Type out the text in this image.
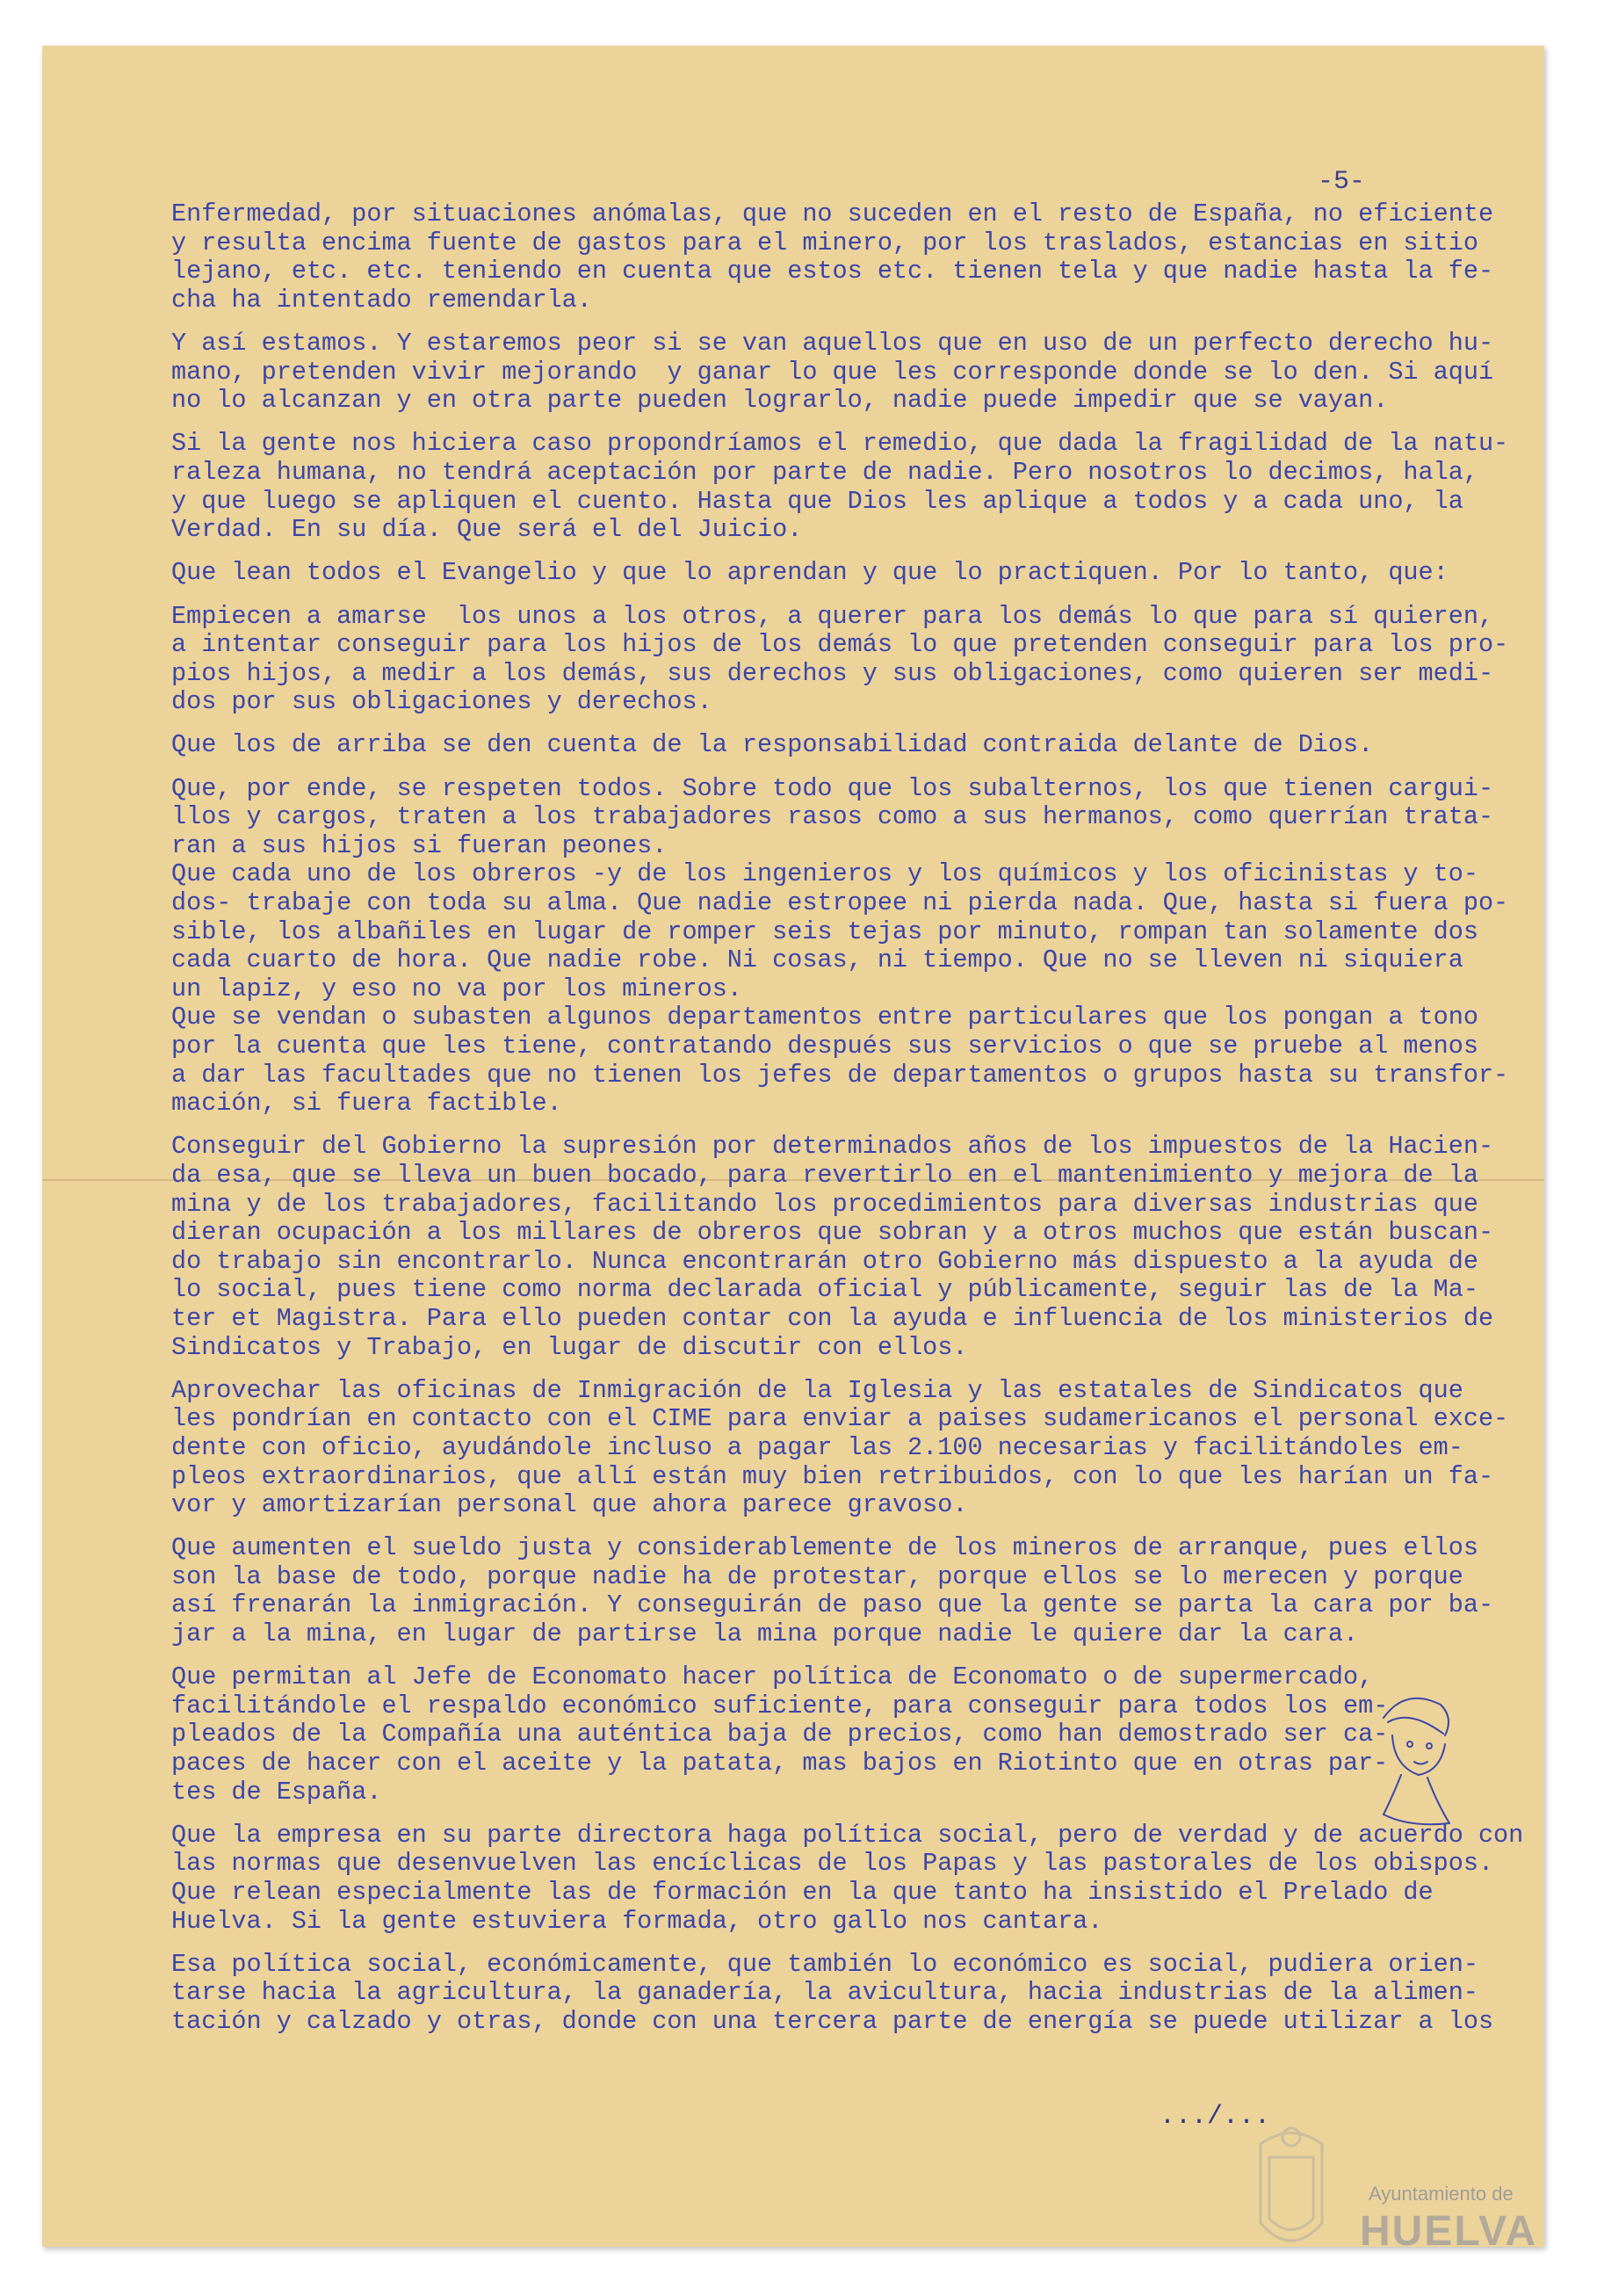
-5-
Enfermedad, por situaciones anómalas, que no suceden en el resto de España, no eficiente
y resulta encima fuente de gastos para el minero, por los traslados, estancias en sitio
lejano, etc. etc. teniendo en cuenta que estos etc. tienen tela y que nadie hasta la fe-
cha ha intentado remendarla.
Y así estamos. Y estaremos peor si se van aquellos que en uso de un perfecto derecho hu-
mano, pretenden vivir mejorando  y ganar lo que les corresponde donde se lo den. Si aquí
no lo alcanzan y en otra parte pueden lograrlo, nadie puede impedir que se vayan.
Si la gente nos hiciera caso propondríamos el remedio, que dada la fragilidad de la natu-
raleza humana, no tendrá aceptación por parte de nadie. Pero nosotros lo decimos, hala,
y que luego se apliquen el cuento. Hasta que Dios les aplique a todos y a cada uno, la
Verdad. En su día. Que será el del Juicio.
Que lean todos el Evangelio y que lo aprendan y que lo practiquen. Por lo tanto, que:
Empiecen a amarse  los unos a los otros, a querer para los demás lo que para sí quieren,
a intentar conseguir para los hijos de los demás lo que pretenden conseguir para los pro-
pios hijos, a medir a los demás, sus derechos y sus obligaciones, como quieren ser medi-
dos por sus obligaciones y derechos.
Que los de arriba se den cuenta de la responsabilidad contraida delante de Dios.
Que, por ende, se respeten todos. Sobre todo que los subalternos, los que tienen cargui-
llos y cargos, traten a los trabajadores rasos como a sus hermanos, como querrían trata-
ran a sus hijos si fueran peones.
Que cada uno de los obreros -y de los ingenieros y los químicos y los oficinistas y to-
dos- trabaje con toda su alma. Que nadie estropee ni pierda nada. Que, hasta si fuera po-
sible, los albañiles en lugar de romper seis tejas por minuto, rompan tan solamente dos
cada cuarto de hora. Que nadie robe. Ni cosas, ni tiempo. Que no se lleven ni siquiera
un lapiz, y eso no va por los mineros.
Que se vendan o subasten algunos departamentos entre particulares que los pongan a tono
por la cuenta que les tiene, contratando después sus servicios o que se pruebe al menos
a dar las facultades que no tienen los jefes de departamentos o grupos hasta su transfor-
mación, si fuera factible.
Conseguir del Gobierno la supresión por determinados años de los impuestos de la Hacien-
da esa, que se lleva un buen bocado, para revertirlo en el mantenimiento y mejora de la
mina y de los trabajadores, facilitando los procedimientos para diversas industrias que
dieran ocupación a los millares de obreros que sobran y a otros muchos que están buscan-
do trabajo sin encontrarlo. Nunca encontrarán otro Gobierno más dispuesto a la ayuda de
lo social, pues tiene como norma declarada oficial y públicamente, seguir las de la Ma-
ter et Magistra. Para ello pueden contar con la ayuda e influencia de los ministerios de
Sindicatos y Trabajo, en lugar de discutir con ellos.
Aprovechar las oficinas de Inmigración de la Iglesia y las estatales de Sindicatos que
les pondrían en contacto con el CIME para enviar a paises sudamericanos el personal exce-
dente con oficio, ayudándole incluso a pagar las 2.100 necesarias y facilitándoles em-
pleos extraordinarios, que allí están muy bien retribuidos, con lo que les harían un fa-
vor y amortizarían personal que ahora parece gravoso.
Que aumenten el sueldo justa y considerablemente de los mineros de arranque, pues ellos
son la base de todo, porque nadie ha de protestar, porque ellos se lo merecen y porque
así frenarán la inmigración. Y conseguirán de paso que la gente se parta la cara por ba-
jar a la mina, en lugar de partirse la mina porque nadie le quiere dar la cara.
Que permitan al Jefe de Economato hacer política de Economato o de supermercado,
facilitándole el respaldo económico suficiente, para conseguir para todos los em-
pleados de la Compañía una auténtica baja de precios, como han demostrado ser ca-
paces de hacer con el aceite y la patata, mas bajos en Riotinto que en otras par-
tes de España.
Que la empresa en su parte directora haga política social, pero de verdad y de acuerdo con
las normas que desenvuelven las encíclicas de los Papas y las pastorales de los obispos.
Que relean especialmente las de formación en la que tanto ha insistido el Prelado de
Huelva. Si la gente estuviera formada, otro gallo nos cantara.
Esa política social, económicamente, que también lo económico es social, pudiera orien-
tarse hacia la agricultura, la ganadería, la avicultura, hacia industrias de la alimen-
tación y calzado y otras, donde con una tercera parte de energía se puede utilizar a los
.../...
Ayuntamiento de
HUELVA
